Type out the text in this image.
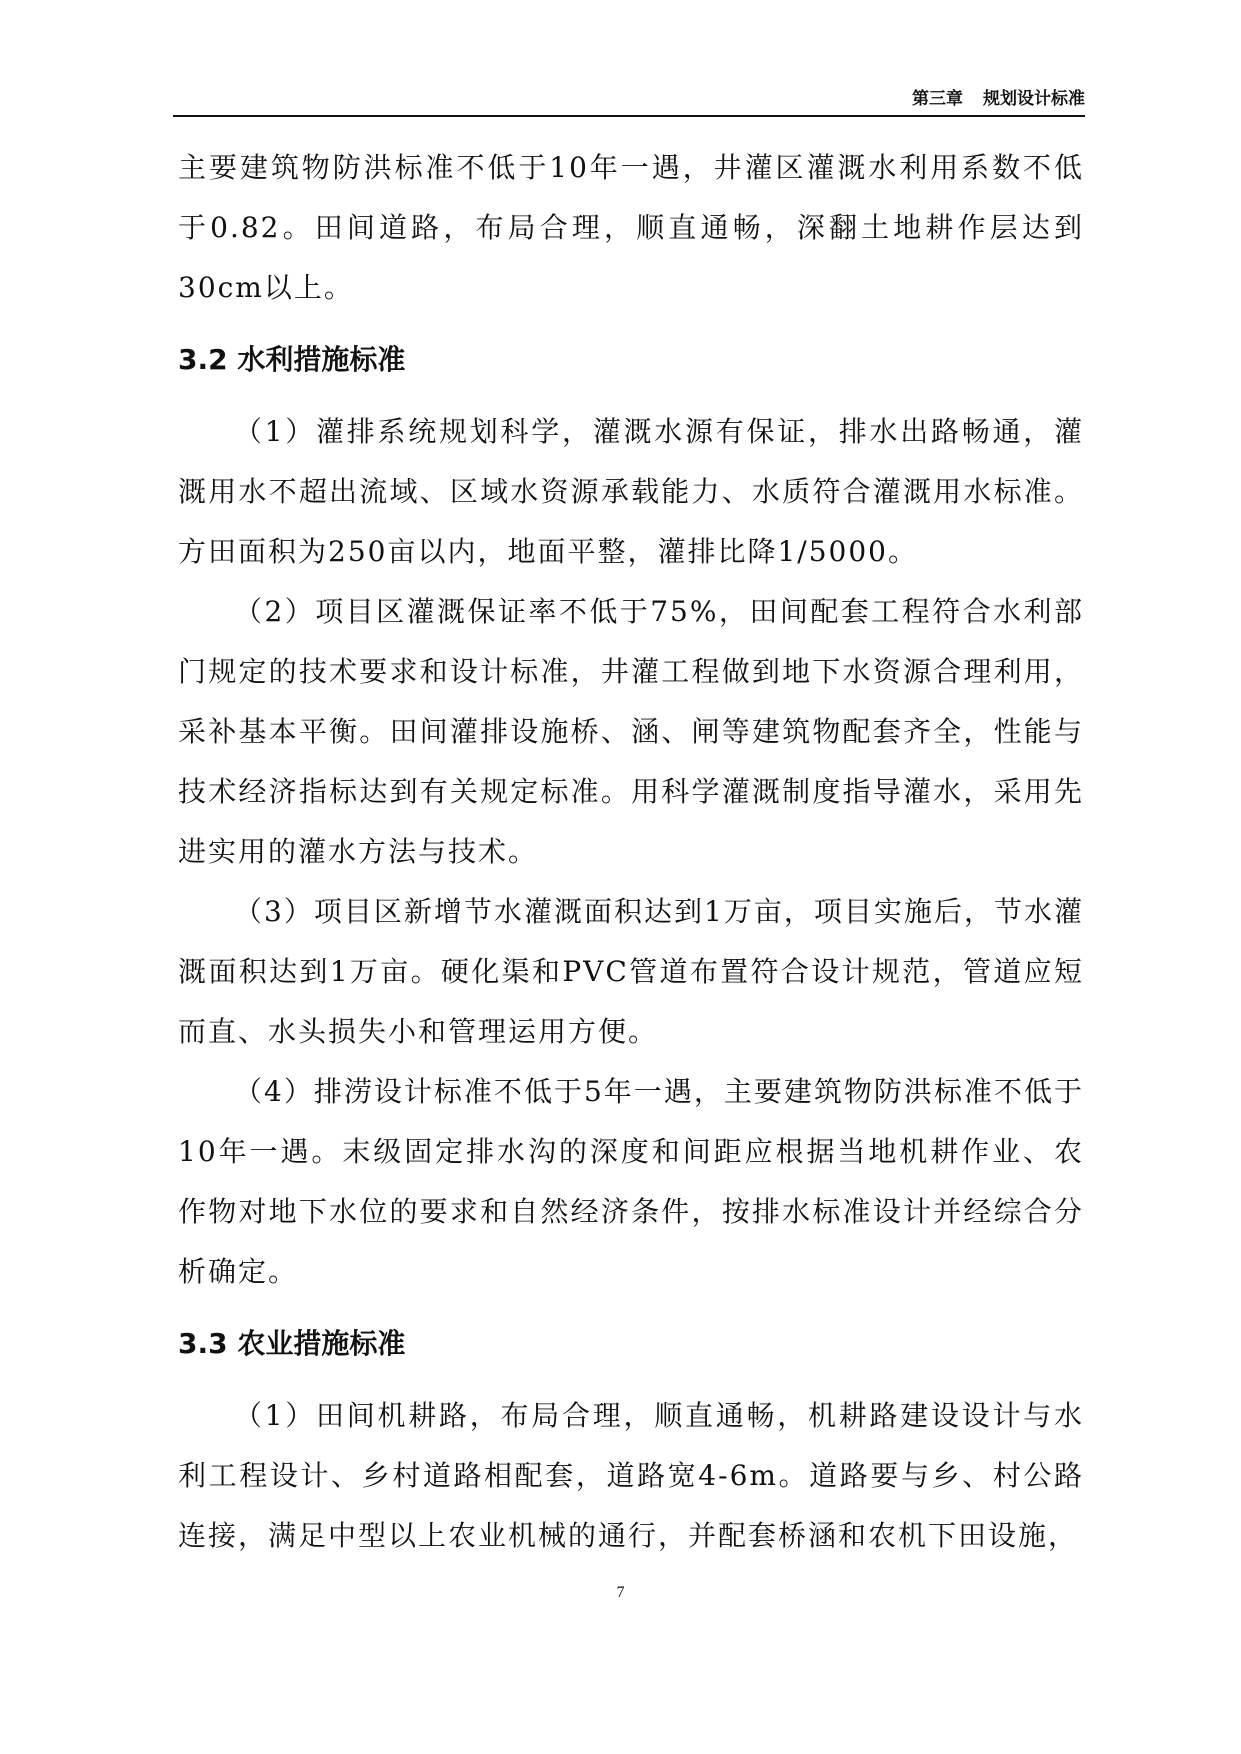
第三章 规划设计标准

主要建筑物防洪标准不低于10年一遇，井灌区灌溉水利用系数不低于0.82。田间道路，布局合理，顺直通畅，深翻土地耕作层达到30cm以上。

3.2 水利措施标准

（1）灌排系统规划科学，灌溉水源有保证，排水出路畅通，灌溉用水不超出流域、区域水资源承载能力、水质符合灌溉用水标准。方田面积为250亩以内，地面平整，灌排比降1/5000。

（2）项目区灌溉保证率不低于75%，田间配套工程符合水利部门规定的技术要求和设计标准，井灌工程做到地下水资源合理利用，采补基本平衡。田间灌排设施桥、涵、闸等建筑物配套齐全，性能与技术经济指标达到有关规定标准。用科学灌溉制度指导灌水，采用先进实用的灌水方法与技术。

（3）项目区新增节水灌溉面积达到1万亩，项目实施后，节水灌溉面积达到1万亩。硬化渠和PVC管道布置符合设计规范，管道应短而直、水头损失小和管理运用方便。

（4）排涝设计标准不低于5年一遇，主要建筑物防洪标准不低于10年一遇。末级固定排水沟的深度和间距应根据当地机耕作业、农作物对地下水位的要求和自然经济条件，按排水标准设计并经综合分析确定。

3.3 农业措施标准

（1）田间机耕路，布局合理，顺直通畅，机耕路建设设计与水利工程设计、乡村道路相配套，道路宽4-6m。道路要与乡、村公路连接，满足中型以上农业机械的通行，并配套桥涵和农机下田设施，

7
